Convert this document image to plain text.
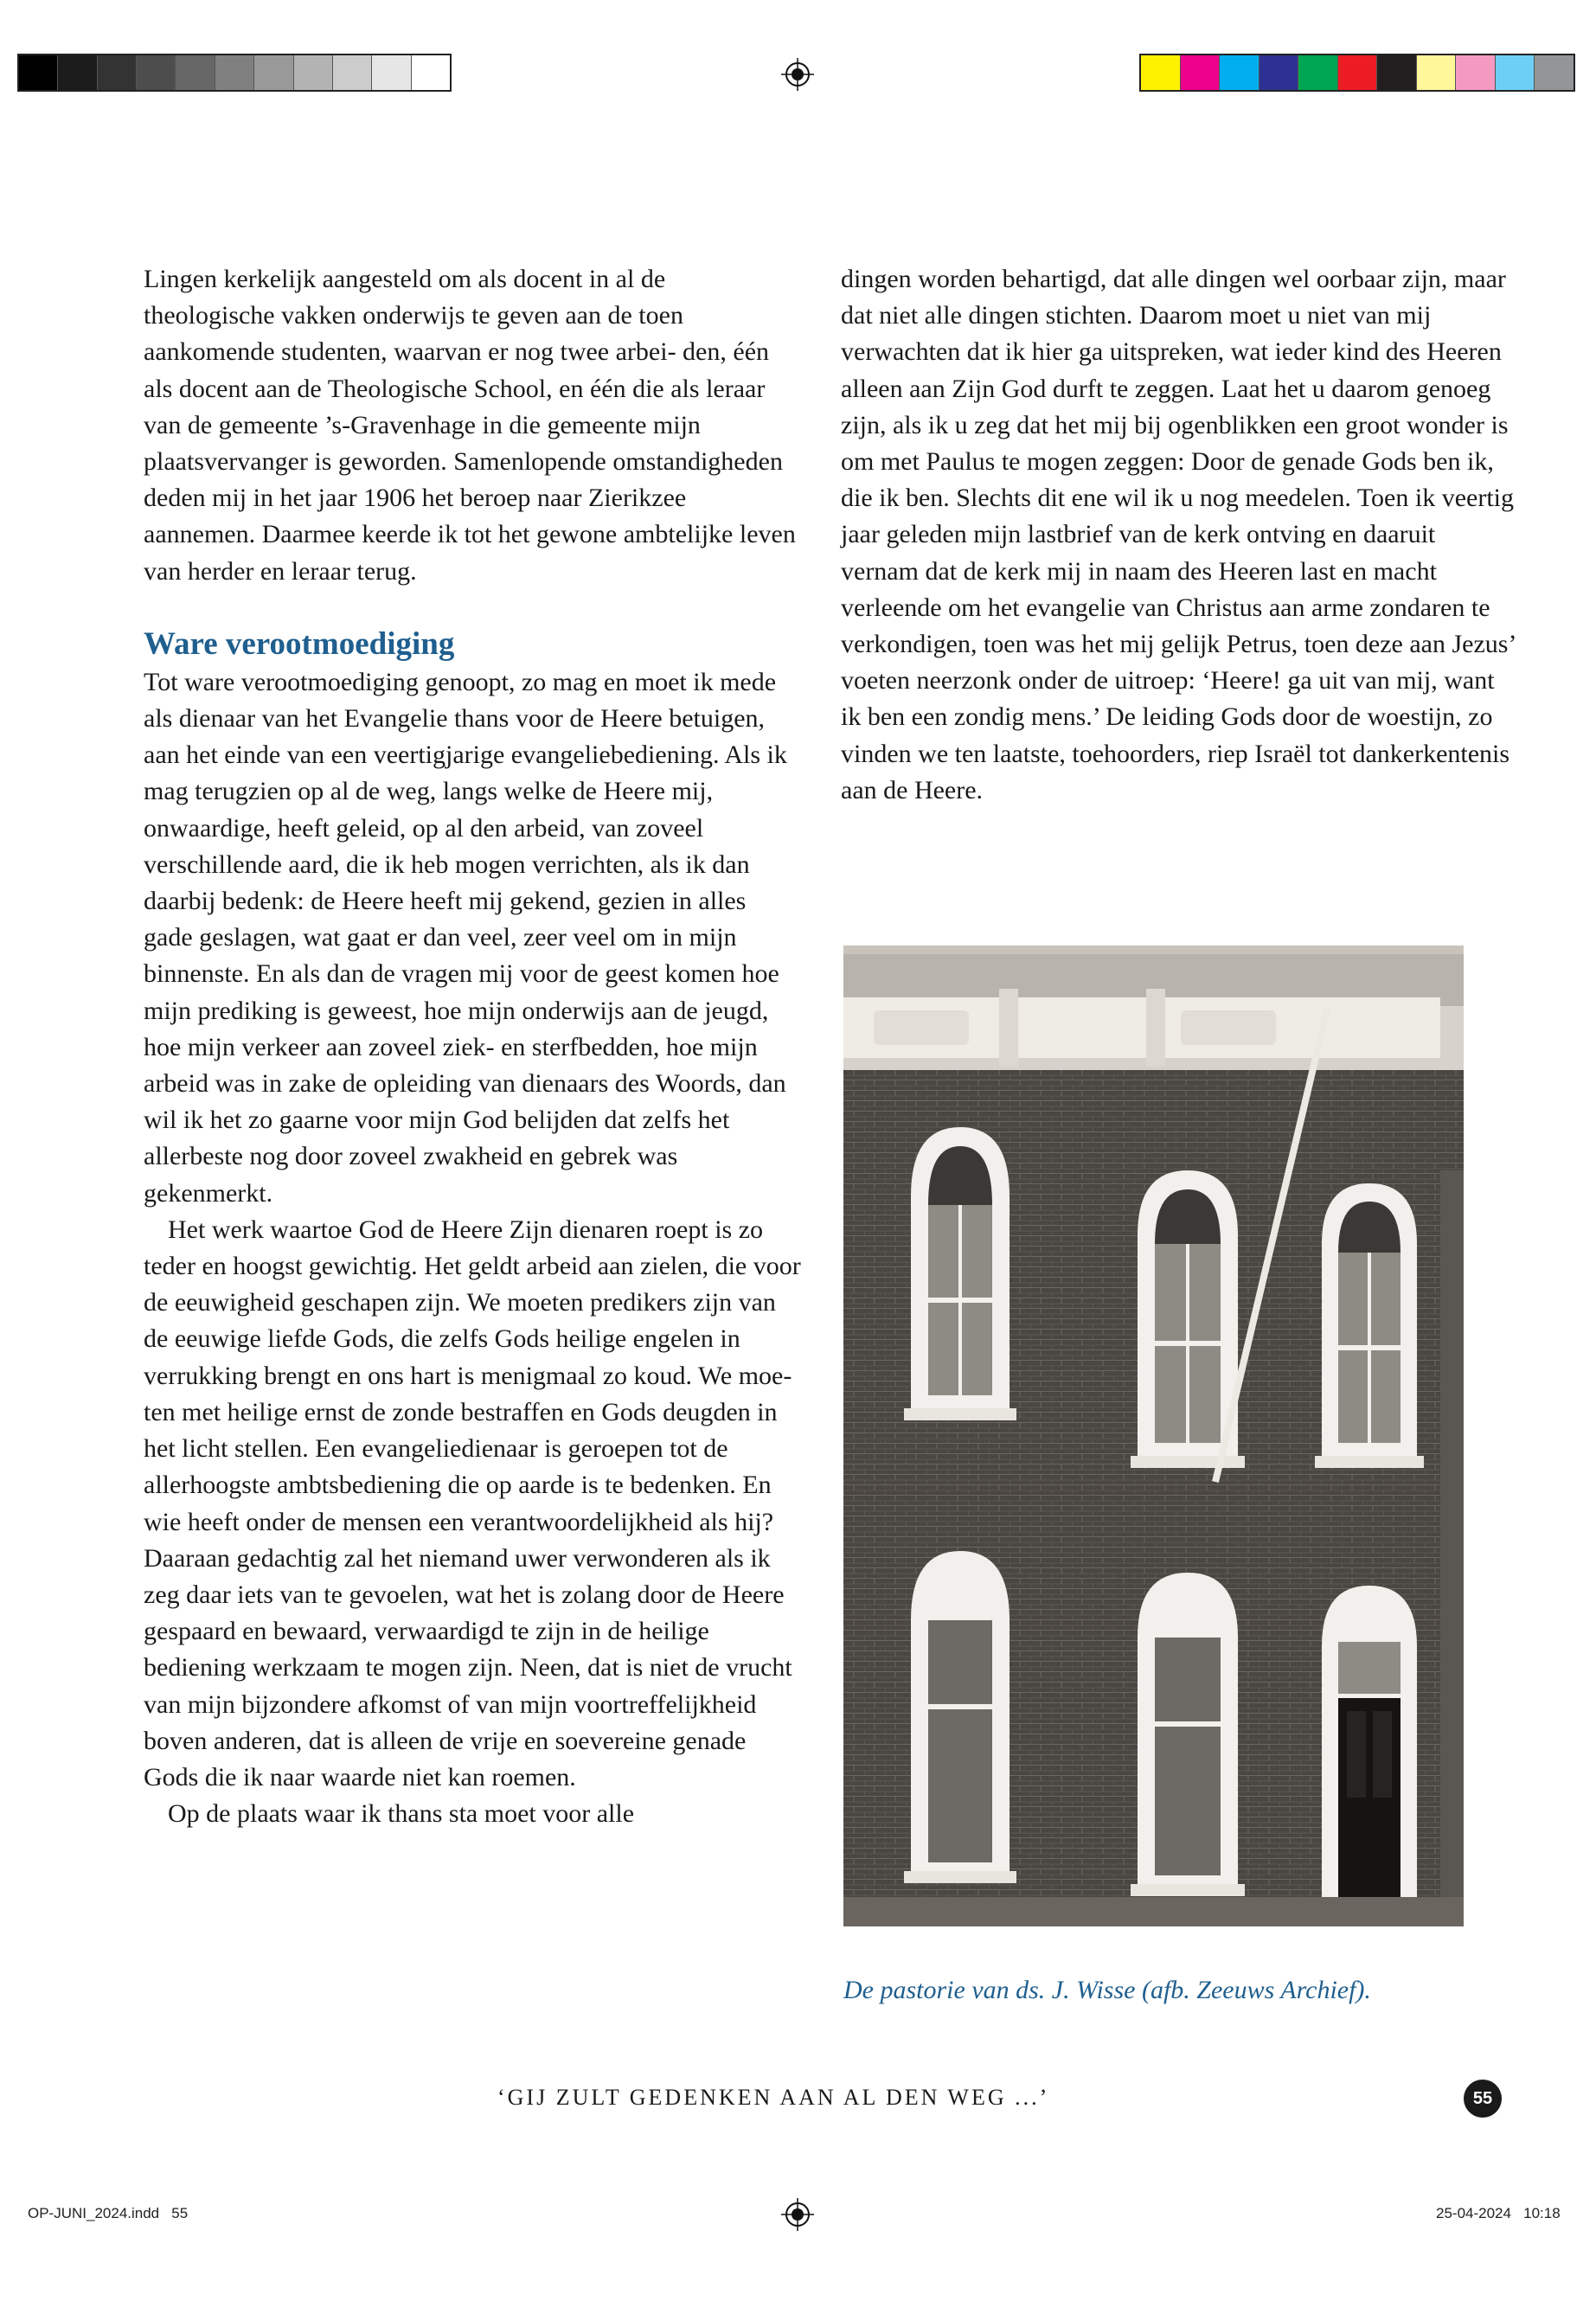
Lingen kerkelijk aangesteld om als docent in al de theologische vakken onderwijs te geven aan de toen aankomende studenten, waarvan er nog twee arbei- den, één als docent aan de Theologische School, en één die als leraar van de gemeente ’s-Gravenhage in die gemeente mijn plaatsvervanger is geworden. Samenlopende omstandigheden deden mij in het jaar 1906 het beroep naar Zierikzee aannemen. Daarmee keerde ik tot het gewone ambtelijke leven van herder en leraar terug.

Ware verootmoediging

Tot ware verootmoediging genoopt, zo mag en moet ik mede als dienaar van het Evangelie thans voor de Heere betuigen, aan het einde van een veertigjarige evangeliebediening. Als ik mag terugzien op al de weg, langs welke de Heere mij, onwaardige, heeft geleid, op al den arbeid, van zoveel verschillende aard, die ik heb mogen verrichten, als ik dan daarbij bedenk: de Heere heeft mij gekend, gezien in alles gade geslagen, wat gaat er dan veel, zeer veel om in mijn binnenste. En als dan de vragen mij voor de geest komen hoe mijn prediking is geweest, hoe mijn onderwijs aan de jeugd, hoe mijn verkeer aan zoveel ziek- en sterfbedden, hoe mijn arbeid was in zake de opleiding van dienaars des Woords, dan wil ik het zo gaarne voor mijn God belijden dat zelfs het allerbeste nog door zoveel zwakheid en gebrek was gekenmerkt.

Het werk waartoe God de Heere Zijn dienaren roept is zo teder en hoogst gewichtig. Het geldt arbeid aan zielen, die voor de eeuwigheid geschapen zijn. We moeten predikers zijn van de eeuwige liefde Gods, die zelfs Gods heilige engelen in verrukking brengt en ons hart is menigmaal zo koud. We moe- ten met heilige ernst de zonde bestraffen en Gods deugden in het licht stellen. Een evangeliedienaar is geroepen tot de allerhoogste ambtsbediening die op aarde is te bedenken. En wie heeft onder de mensen een verantwoordelijkheid als hij? Daaraan gedachtig zal het niemand uwer verwonderen als ik zeg daar iets van te gevoelen, wat het is zolang door de Heere gespaard en bewaard, verwaardigd te zijn in de heilige bediening werkzaam te mogen zijn. Neen, dat is niet de vrucht van mijn bijzondere afkomst of van mijn voortreffelijkheid boven anderen, dat is alleen de vrije en soevereine genade Gods die ik naar waarde niet kan roemen.

Op de plaats waar ik thans sta moet voor alle

dingen worden behartigd, dat alle dingen wel oorbaar zijn, maar dat niet alle dingen stichten. Daarom moet u niet van mij verwachten dat ik hier ga uitspreken, wat ieder kind des Heeren alleen aan Zijn God durft te zeggen. Laat het u daarom genoeg zijn, als ik u zeg dat het mij bij ogenblikken een groot wonder is om met Paulus te mogen zeggen: Door de genade Gods ben ik, die ik ben. Slechts dit ene wil ik u nog meedelen. Toen ik veertig jaar geleden mijn lastbrief van de kerk ontving en daaruit vernam dat de kerk mij in naam des Heeren last en macht verleende om het evangelie van Christus aan arme zondaren te verkondigen, toen was het mij gelijk Petrus, toen deze aan Jezus’ voeten neerzonk onder de uitroep: ‘Heere! ga uit van mij, want ik ben een zondig mens.’ De leiding Gods door de woestijn, zo vinden we ten laatste, toehoorders, riep Israël tot dankerkentenis aan de Heere.

De pastorie van ds. J. Wisse (afb. Zeeuws Archief).
‘GIJ ZULT GEDENKEN AAN AL DEN WEG ...’	55
OP-JUNI_2024.indd   55	25-04-2024   10:18
